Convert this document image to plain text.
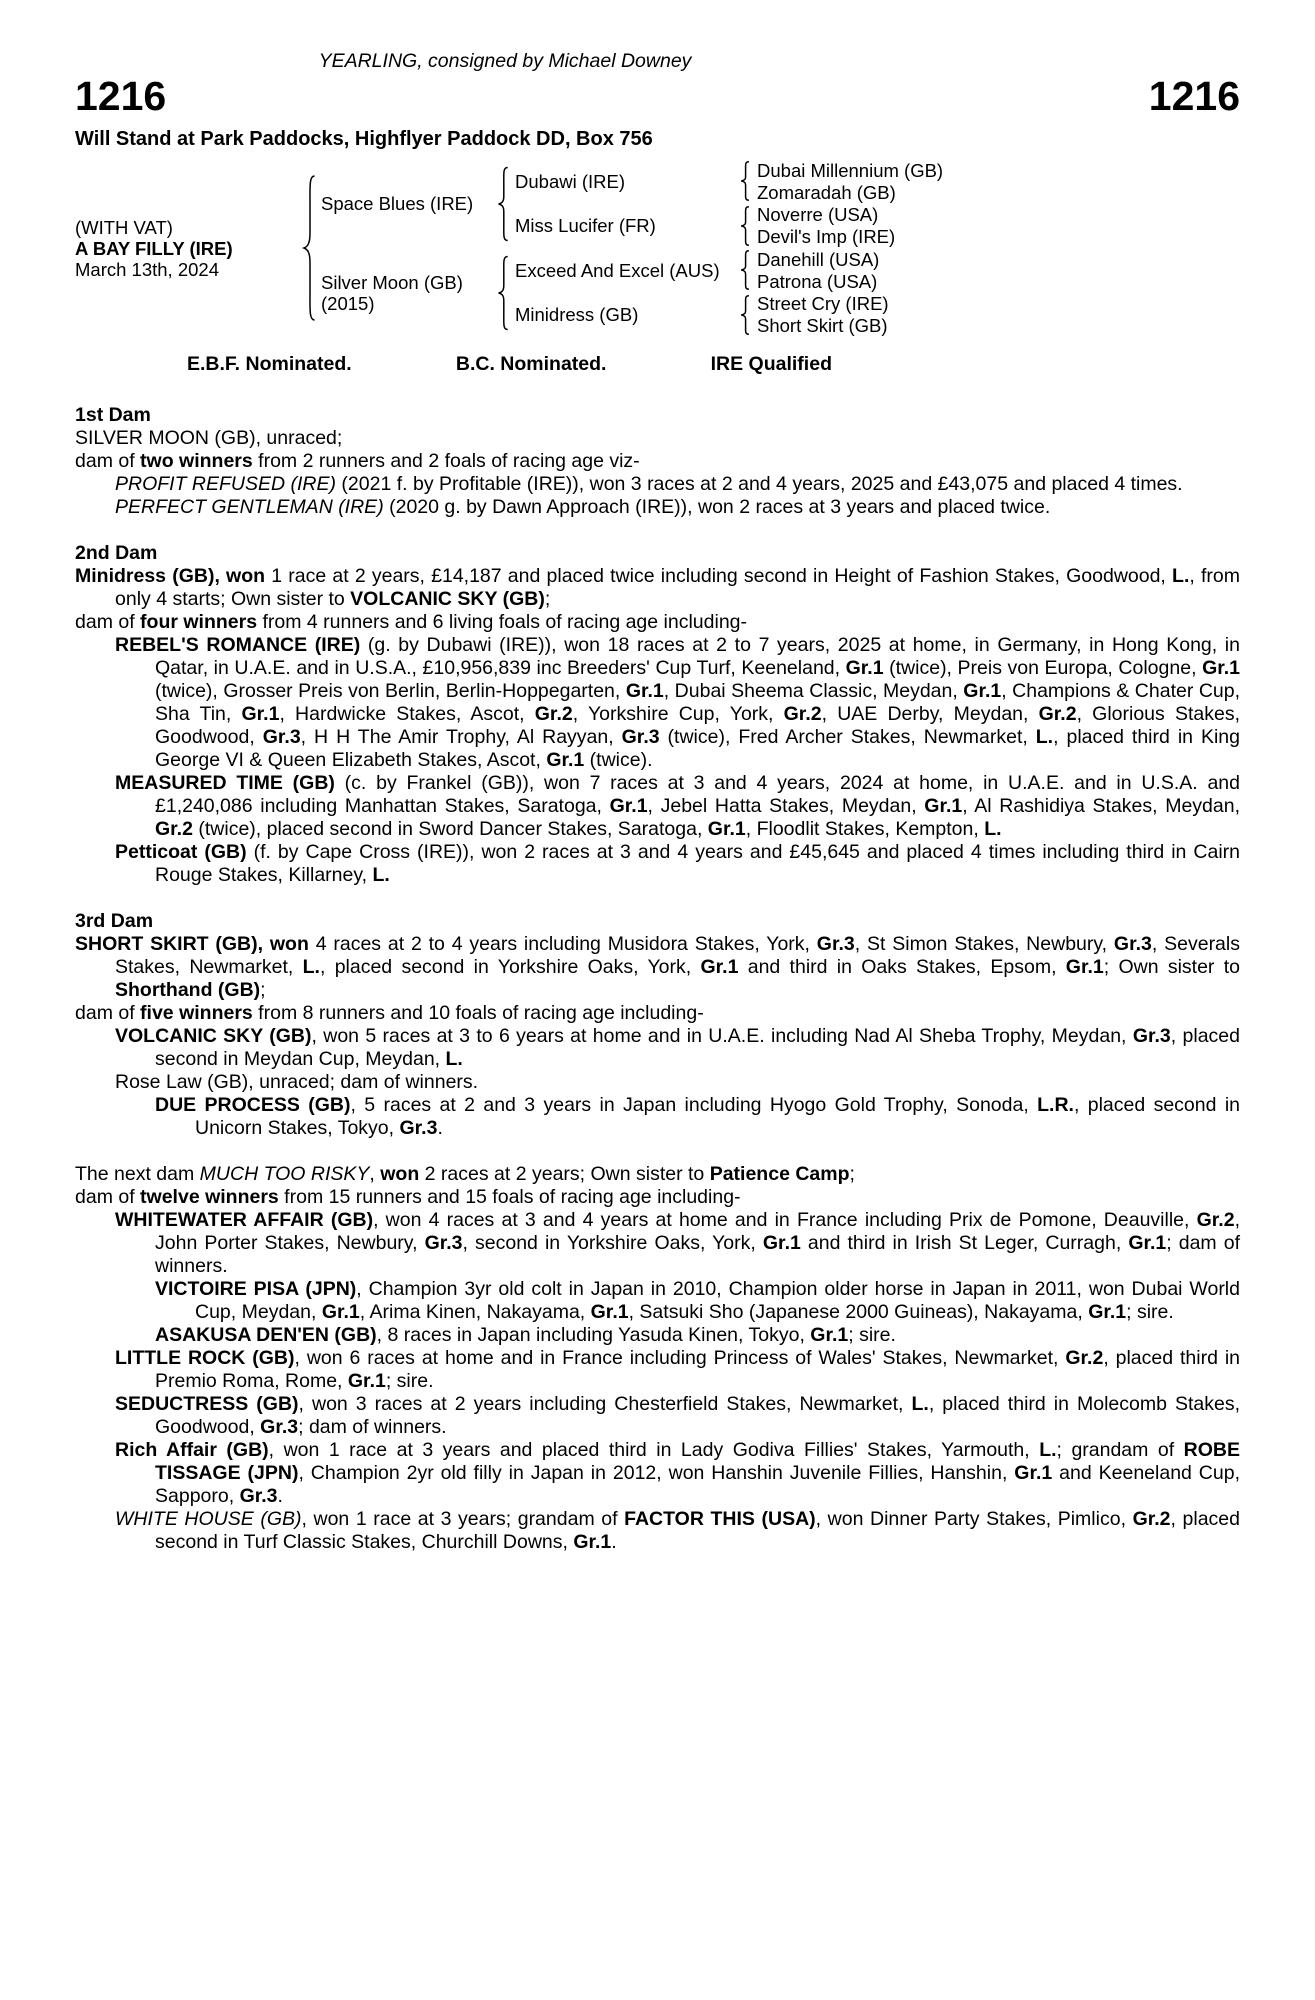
YEARLING, consigned by Michael Downey
1216	1216
Will Stand at Park Paddocks, Highflyer Paddock DD, Box 756
(WITH VAT)
A BAY FILLY (IRE)
March 13th, 2024
Space Blues (IRE)
Silver Moon (GB)
(2015)
Dubawi (IRE)
Miss Lucifer (FR)
Exceed And Excel (AUS)
Minidress (GB)
Dubai Millennium (GB)
Zomaradah (GB)
Noverre (USA)
Devil's Imp (IRE)
Danehill (USA)
Patrona (USA)
Street Cry (IRE)
Short Skirt (GB)
E.B.F. Nominated.	B.C. Nominated.	IRE Qualified

1st Dam

SILVER MOON (GB), unraced;

dam of two winners from 2 runners and 2 foals of racing age viz-

PROFIT REFUSED (IRE) (2021 f. by Profitable (IRE)), won 3 races at 2 and 4 years, 2025 and £43,075 and placed 4 times.

PERFECT GENTLEMAN (IRE) (2020 g. by Dawn Approach (IRE)), won 2 races at 3 years and placed twice.

2nd Dam

Minidress (GB), won 1 race at 2 years, £14,187 and placed twice including second in Height of Fashion Stakes, Goodwood, L., from only 4 starts; Own sister to VOLCANIC SKY (GB);

dam of four winners from 4 runners and 6 living foals of racing age including-

REBEL'S ROMANCE (IRE) (g. by Dubawi (IRE)), won 18 races at 2 to 7 years, 2025 at home, in Germany, in Hong Kong, in Qatar, in U.A.E. and in U.S.A., £10,956,839 inc Breeders' Cup Turf, Keeneland, Gr.1 (twice), Preis von Europa, Cologne, Gr.1 (twice), Grosser Preis von Berlin, Berlin-Hoppegarten, Gr.1, Dubai Sheema Classic, Meydan, Gr.1, Champions & Chater Cup, Sha Tin, Gr.1, Hardwicke Stakes, Ascot, Gr.2, Yorkshire Cup, York, Gr.2, UAE Derby, Meydan, Gr.2, Glorious Stakes, Goodwood, Gr.3, H H The Amir Trophy, Al Rayyan, Gr.3 (twice), Fred Archer Stakes, Newmarket, L., placed third in King George VI & Queen Elizabeth Stakes, Ascot, Gr.1 (twice).

MEASURED TIME (GB) (c. by Frankel (GB)), won 7 races at 3 and 4 years, 2024 at home, in U.A.E. and in U.S.A. and £1,240,086 including Manhattan Stakes, Saratoga, Gr.1, Jebel Hatta Stakes, Meydan, Gr.1, Al Rashidiya Stakes, Meydan, Gr.2 (twice), placed second in Sword Dancer Stakes, Saratoga, Gr.1, Floodlit Stakes, Kempton, L.

Petticoat (GB) (f. by Cape Cross (IRE)), won 2 races at 3 and 4 years and £45,645 and placed 4 times including third in Cairn Rouge Stakes, Killarney, L.

3rd Dam

SHORT SKIRT (GB), won 4 races at 2 to 4 years including Musidora Stakes, York, Gr.3, St Simon Stakes, Newbury, Gr.3, Severals Stakes, Newmarket, L., placed second in Yorkshire Oaks, York, Gr.1 and third in Oaks Stakes, Epsom, Gr.1; Own sister to Shorthand (GB);

dam of five winners from 8 runners and 10 foals of racing age including-

VOLCANIC SKY (GB), won 5 races at 3 to 6 years at home and in U.A.E. including Nad Al Sheba Trophy, Meydan, Gr.3, placed second in Meydan Cup, Meydan, L.

Rose Law (GB), unraced; dam of winners.

DUE PROCESS (GB), 5 races at 2 and 3 years in Japan including Hyogo Gold Trophy, Sonoda, L.R., placed second in Unicorn Stakes, Tokyo, Gr.3.

The next dam MUCH TOO RISKY, won 2 races at 2 years; Own sister to Patience Camp;

dam of twelve winners from 15 runners and 15 foals of racing age including-

WHITEWATER AFFAIR (GB), won 4 races at 3 and 4 years at home and in France including Prix de Pomone, Deauville, Gr.2, John Porter Stakes, Newbury, Gr.3, second in Yorkshire Oaks, York, Gr.1 and third in Irish St Leger, Curragh, Gr.1; dam of winners.

VICTOIRE PISA (JPN), Champion 3yr old colt in Japan in 2010, Champion older horse in Japan in 2011, won Dubai World Cup, Meydan, Gr.1, Arima Kinen, Nakayama, Gr.1, Satsuki Sho (Japanese 2000 Guineas), Nakayama, Gr.1; sire.

ASAKUSA DEN'EN (GB), 8 races in Japan including Yasuda Kinen, Tokyo, Gr.1; sire.

LITTLE ROCK (GB), won 6 races at home and in France including Princess of Wales' Stakes, Newmarket, Gr.2, placed third in Premio Roma, Rome, Gr.1; sire.

SEDUCTRESS (GB), won 3 races at 2 years including Chesterfield Stakes, Newmarket, L., placed third in Molecomb Stakes, Goodwood, Gr.3; dam of winners.

Rich Affair (GB), won 1 race at 3 years and placed third in Lady Godiva Fillies' Stakes, Yarmouth, L.; grandam of ROBE TISSAGE (JPN), Champion 2yr old filly in Japan in 2012, won Hanshin Juvenile Fillies, Hanshin, Gr.1 and Keeneland Cup, Sapporo, Gr.3.

WHITE HOUSE (GB), won 1 race at 3 years; grandam of FACTOR THIS (USA), won Dinner Party Stakes, Pimlico, Gr.2, placed second in Turf Classic Stakes, Churchill Downs, Gr.1.
